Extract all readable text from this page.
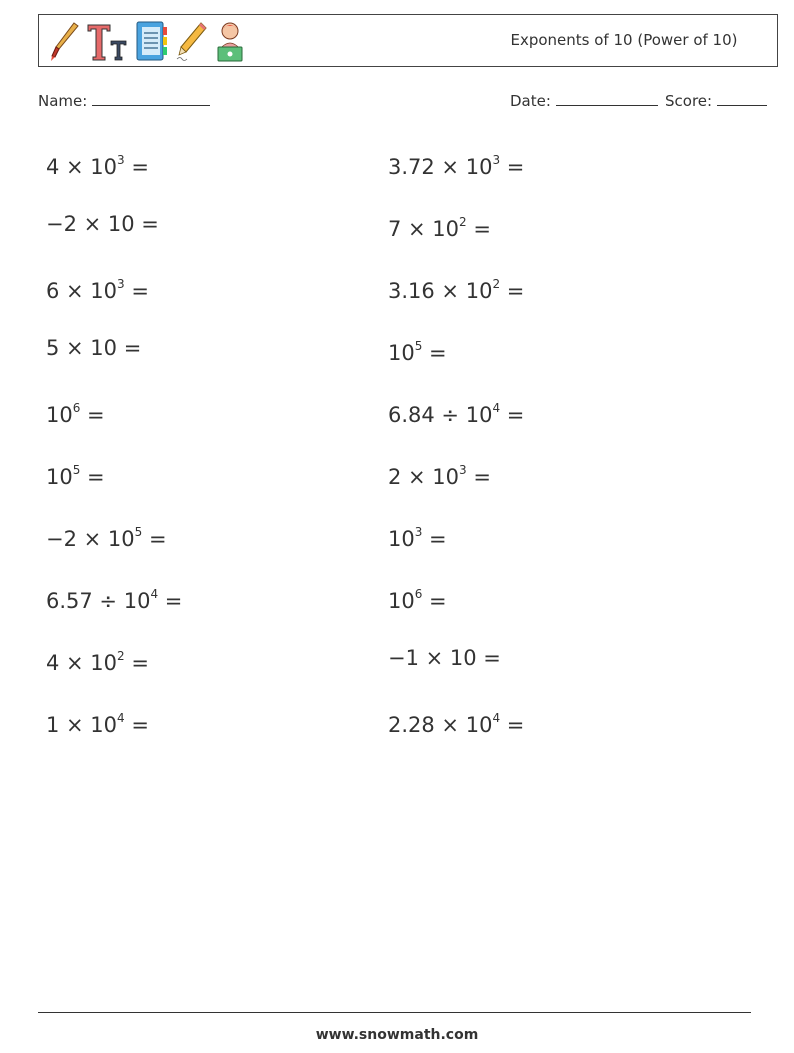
Exponents of 10 (Power of 10)
Name:	Date:	Score:
$4 \times 10^3$ =
−2 × 10 =
$6 \times 10^3$ =
5 × 10 =
$10^6$ =
$10^5$ =
$-2 \times 10^5$ =
$6.57 \div 10^4$ =
$4 \times 10^2$ =
$1 \times 10^4$ =
$3.72 \times 10^3$ =
$7 \times 10^2$ =
$3.16 \times 10^2$ =
$10^5$ =
$6.84 \div 10^4$ =
$2 \times 10^3$ =
$10^3$ =
$10^6$ =
−1 × 10 =
$2.28 \times 10^4$ =
www.snowmath.com
